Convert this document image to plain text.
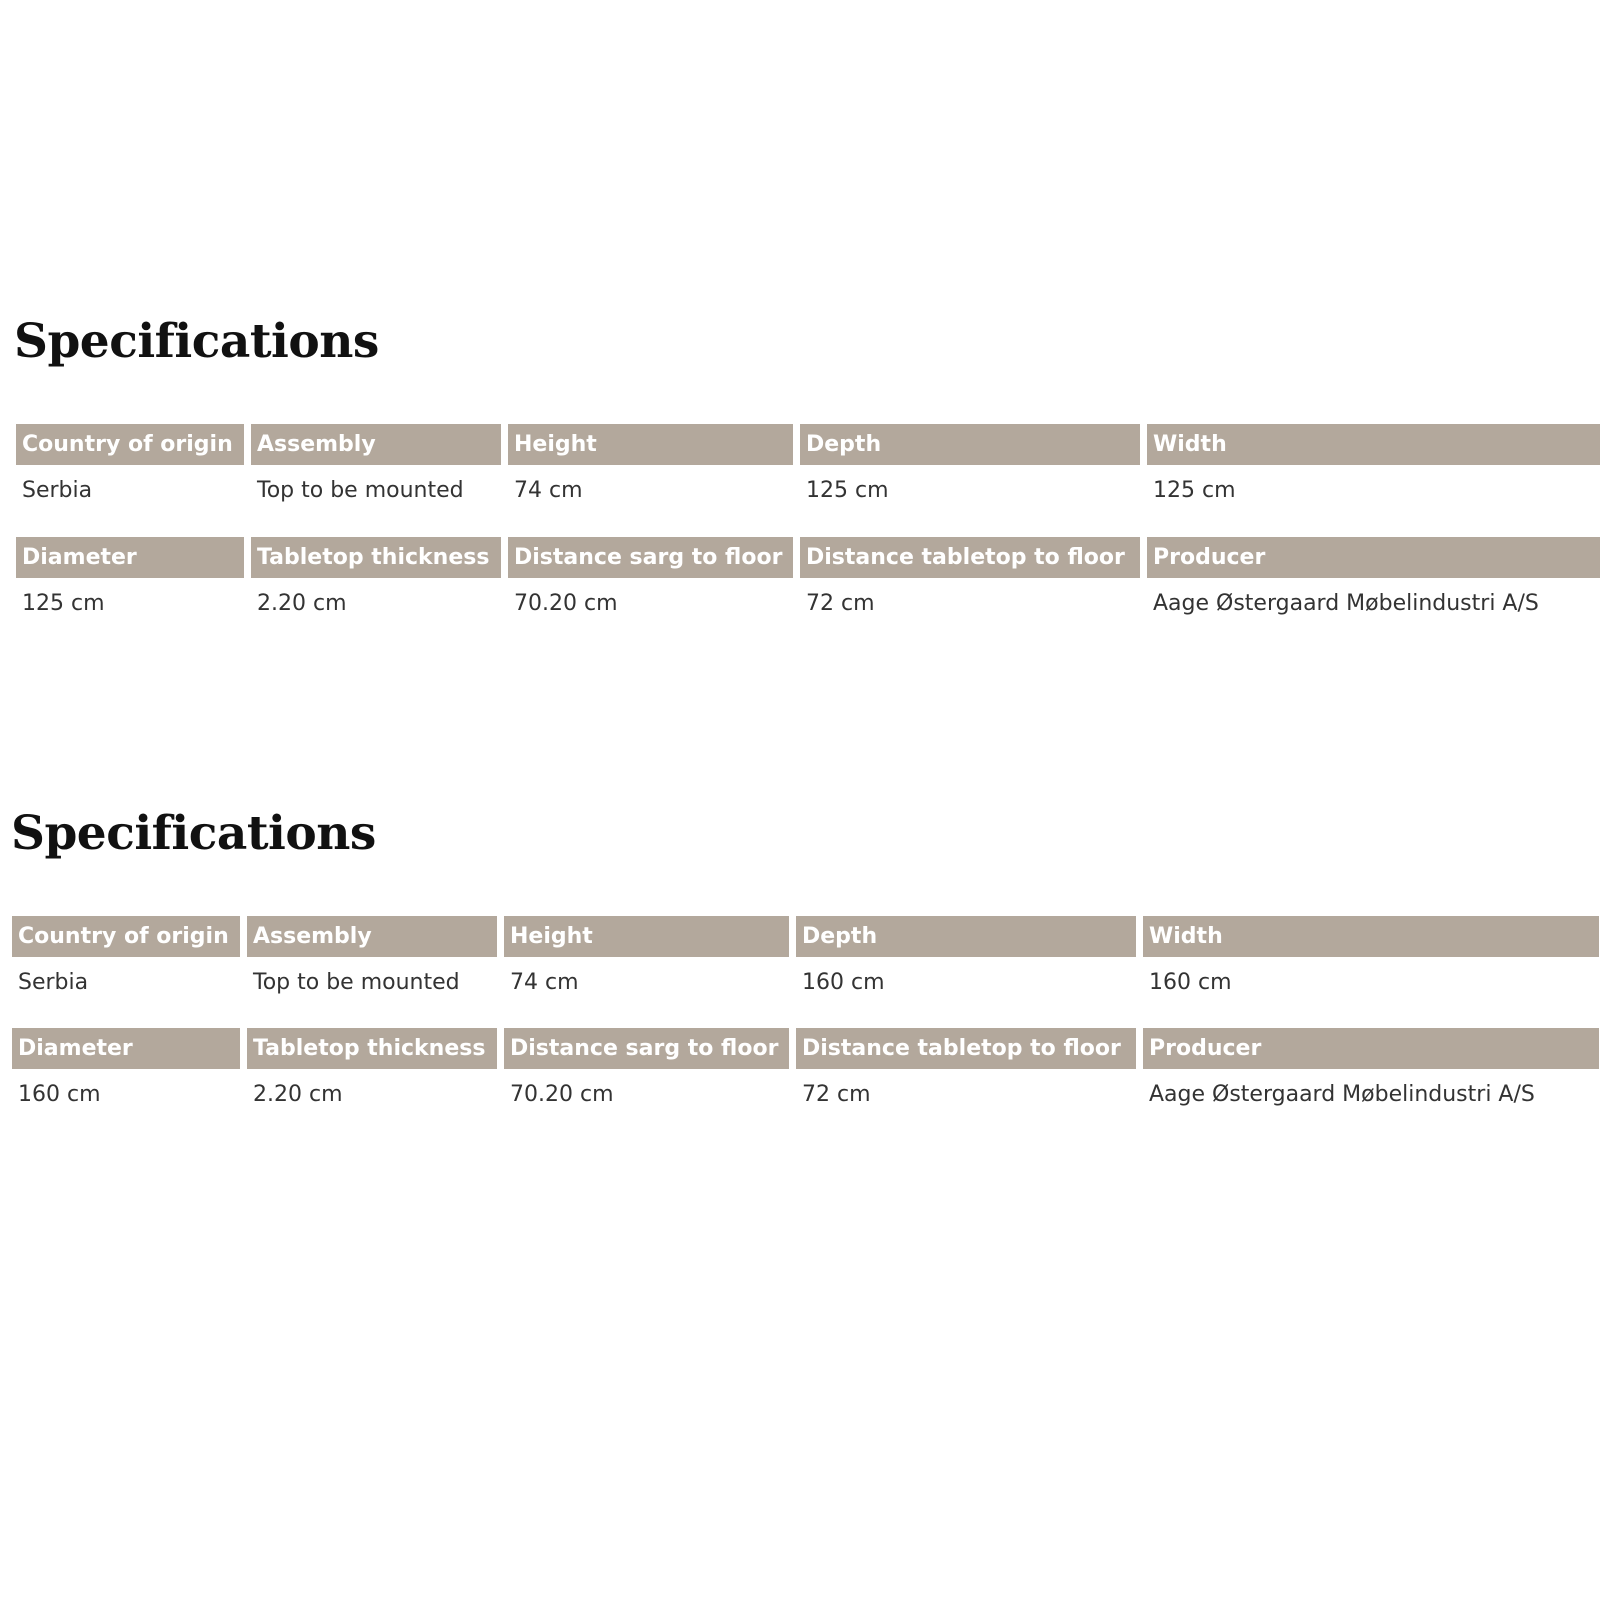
Specifications
Country of origin
Serbia
Assembly
Top to be mounted
Height
74 cm
Depth
125 cm
Width
125 cm
Diameter
125 cm
Tabletop thickness
2.20 cm
Distance sarg to floor
70.20 cm
Distance tabletop to floor
72 cm
Producer
Aage Østergaard Møbelindustri A/S
Specifications
Country of origin
Serbia
Assembly
Top to be mounted
Height
74 cm
Depth
160 cm
Width
160 cm
Diameter
160 cm
Tabletop thickness
2.20 cm
Distance sarg to floor
70.20 cm
Distance tabletop to floor
72 cm
Producer
Aage Østergaard Møbelindustri A/S
